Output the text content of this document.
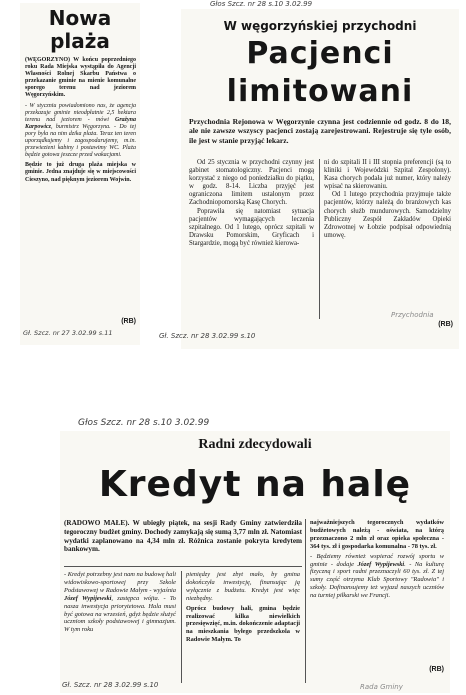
Nowa plaża

(WĘGORZYNO) W końcu poprzedniego roku Rada Miejska wystąpiła do Agencji Własności Rolnej Skarbu Państwa o przekazanie gminie na mienie komunalne sporego terenu nad jeziorem Węgorzyńskim.

- W styczniu powiadomiono nas, że agencja przekazuje gminie nieodpłatnie 2,5 hektara terenu nad jeziorem - mówi Grażyna Karpowicz, burmistrz Węgorzyna. - Do tej pory była na nim dzika plaża. Teraz ten teren uporządkujemy i zagospodarujemy, m.in. przewiezieni kabiny i postawimy WC. Plaża będzie gotowa jeszcze przed wakacjami.

Będzie to już druga plaża miejska w gminie. Jedna znajduje się w miejscowości Cieszyno, nad pięknym jeziorem Wojwin.

(RB)
Gł. Szcz. nr 27 3.02.99 s.11
Głos Szcz. nr 28 s.10 3.02.99
W węgorzyńskiej przychodni
Pacjenci
limitowani
Przychodnia Rejonowa w Węgorzynie czynna jest codziennie od godz. 8 do 18, ale nie zawsze wszyscy pacjenci zostają zarejestrowani. Rejestruje się tyle osób, ile jest w stanie przyjąć lekarz.

Od 25 stycznia w przychodni czynny jest gabinet stomatologiczny. Pacjenci mogą korzystać z niego od poniedziałku do piątku, w godz. 8-14. Liczba przyjęć jest ograniczona limitem ustalonym przez Zachodniopomorską Kasę Chorych.

Poprawiła się natomiast sytuacja pacjentów wymagających leczenia szpitalnego. Od 1 lutego, oprócz szpitali w Drawsku Pomorskim, Gryficach i Stargardzie, mogą być również kierowa-

ni do szpitali II i III stopnia preferencji (są to kliniki i Wojewódzki Szpital Zespolony). Kasa chorych podała już numer, który należy wpisać na skierowaniu.

Od 1 lutego przychodnia przyjmuje także pacjentów, którzy należą do branżowych kas chorych służb mundurowych. Samodzielny Publiczny Zespół Zakładów Opieki Zdrowotnej w Łobzie podpisał odpowiednią umowę.

Przychodnia
(RB)
Gł. Szcz. nr 28 3.02.99 s.10
Głos Szcz. nr 28 s.10 3.02.99
Radni zdecydowali
Kredyt na halę
(RADOWO MAŁE). W ubiegły piątek, na sesji Rady Gminy zatwierdziła tegoroczny budżet gminy. Dochody zamykają się sumą 3,77 mln zł. Natomiast wydatki zaplanowano na 4,34 mln zł. Różnica zostanie pokryta kredytem bankowym.
- Kredyt potrzebny jest nam na budowę hali widowiskowo-sportowej przy Szkole Podstawowej w Radowie Małym - wyjaśnia Józef Wypijewski, zastępca wójta. - To nasza inwestycja priorytetowa. Hala musi być gotowa na wrzesień, gdyż będzie służyć uczniom szkoły podstawowej i gimnazjum. W tym roku

pieniędzy jest zbyt mało, by gmina dokończyła inwestycję, finansując ją wyłącznie z budżetu. Kredyt jest więc niezbędny.

Oprócz budowy hali, gmina będzie realizować kilka niewielkich przesięwzięć, m.in. dokończenie adaptacji na mieszkania byłego przedszkola w Radowie Małym. To

najważniejszych tegorocznych wydatków budżetowych należą - oświata, na którą przeznaczono 2 mln zł oraz opieka społeczna - 364 tys. zł i gospodarka komunalna - 78 tys. zł.

- Będziemy również wspierać rozwój sportu w gminie - dodaje Józef Wypijewski. - Na kulturę fizyczną i sport radni przeznaczyli 60 tys. zł. Z tej sumy część otrzyma Klub Sportowy "Radowia" i szkoły. Dofinansujemy też wyjazd naszych uczniów na turniej piłkarski we Francji.

(RB)
Gł. Szcz. nr 28 3.02.99 s.10	Rada Gminy
